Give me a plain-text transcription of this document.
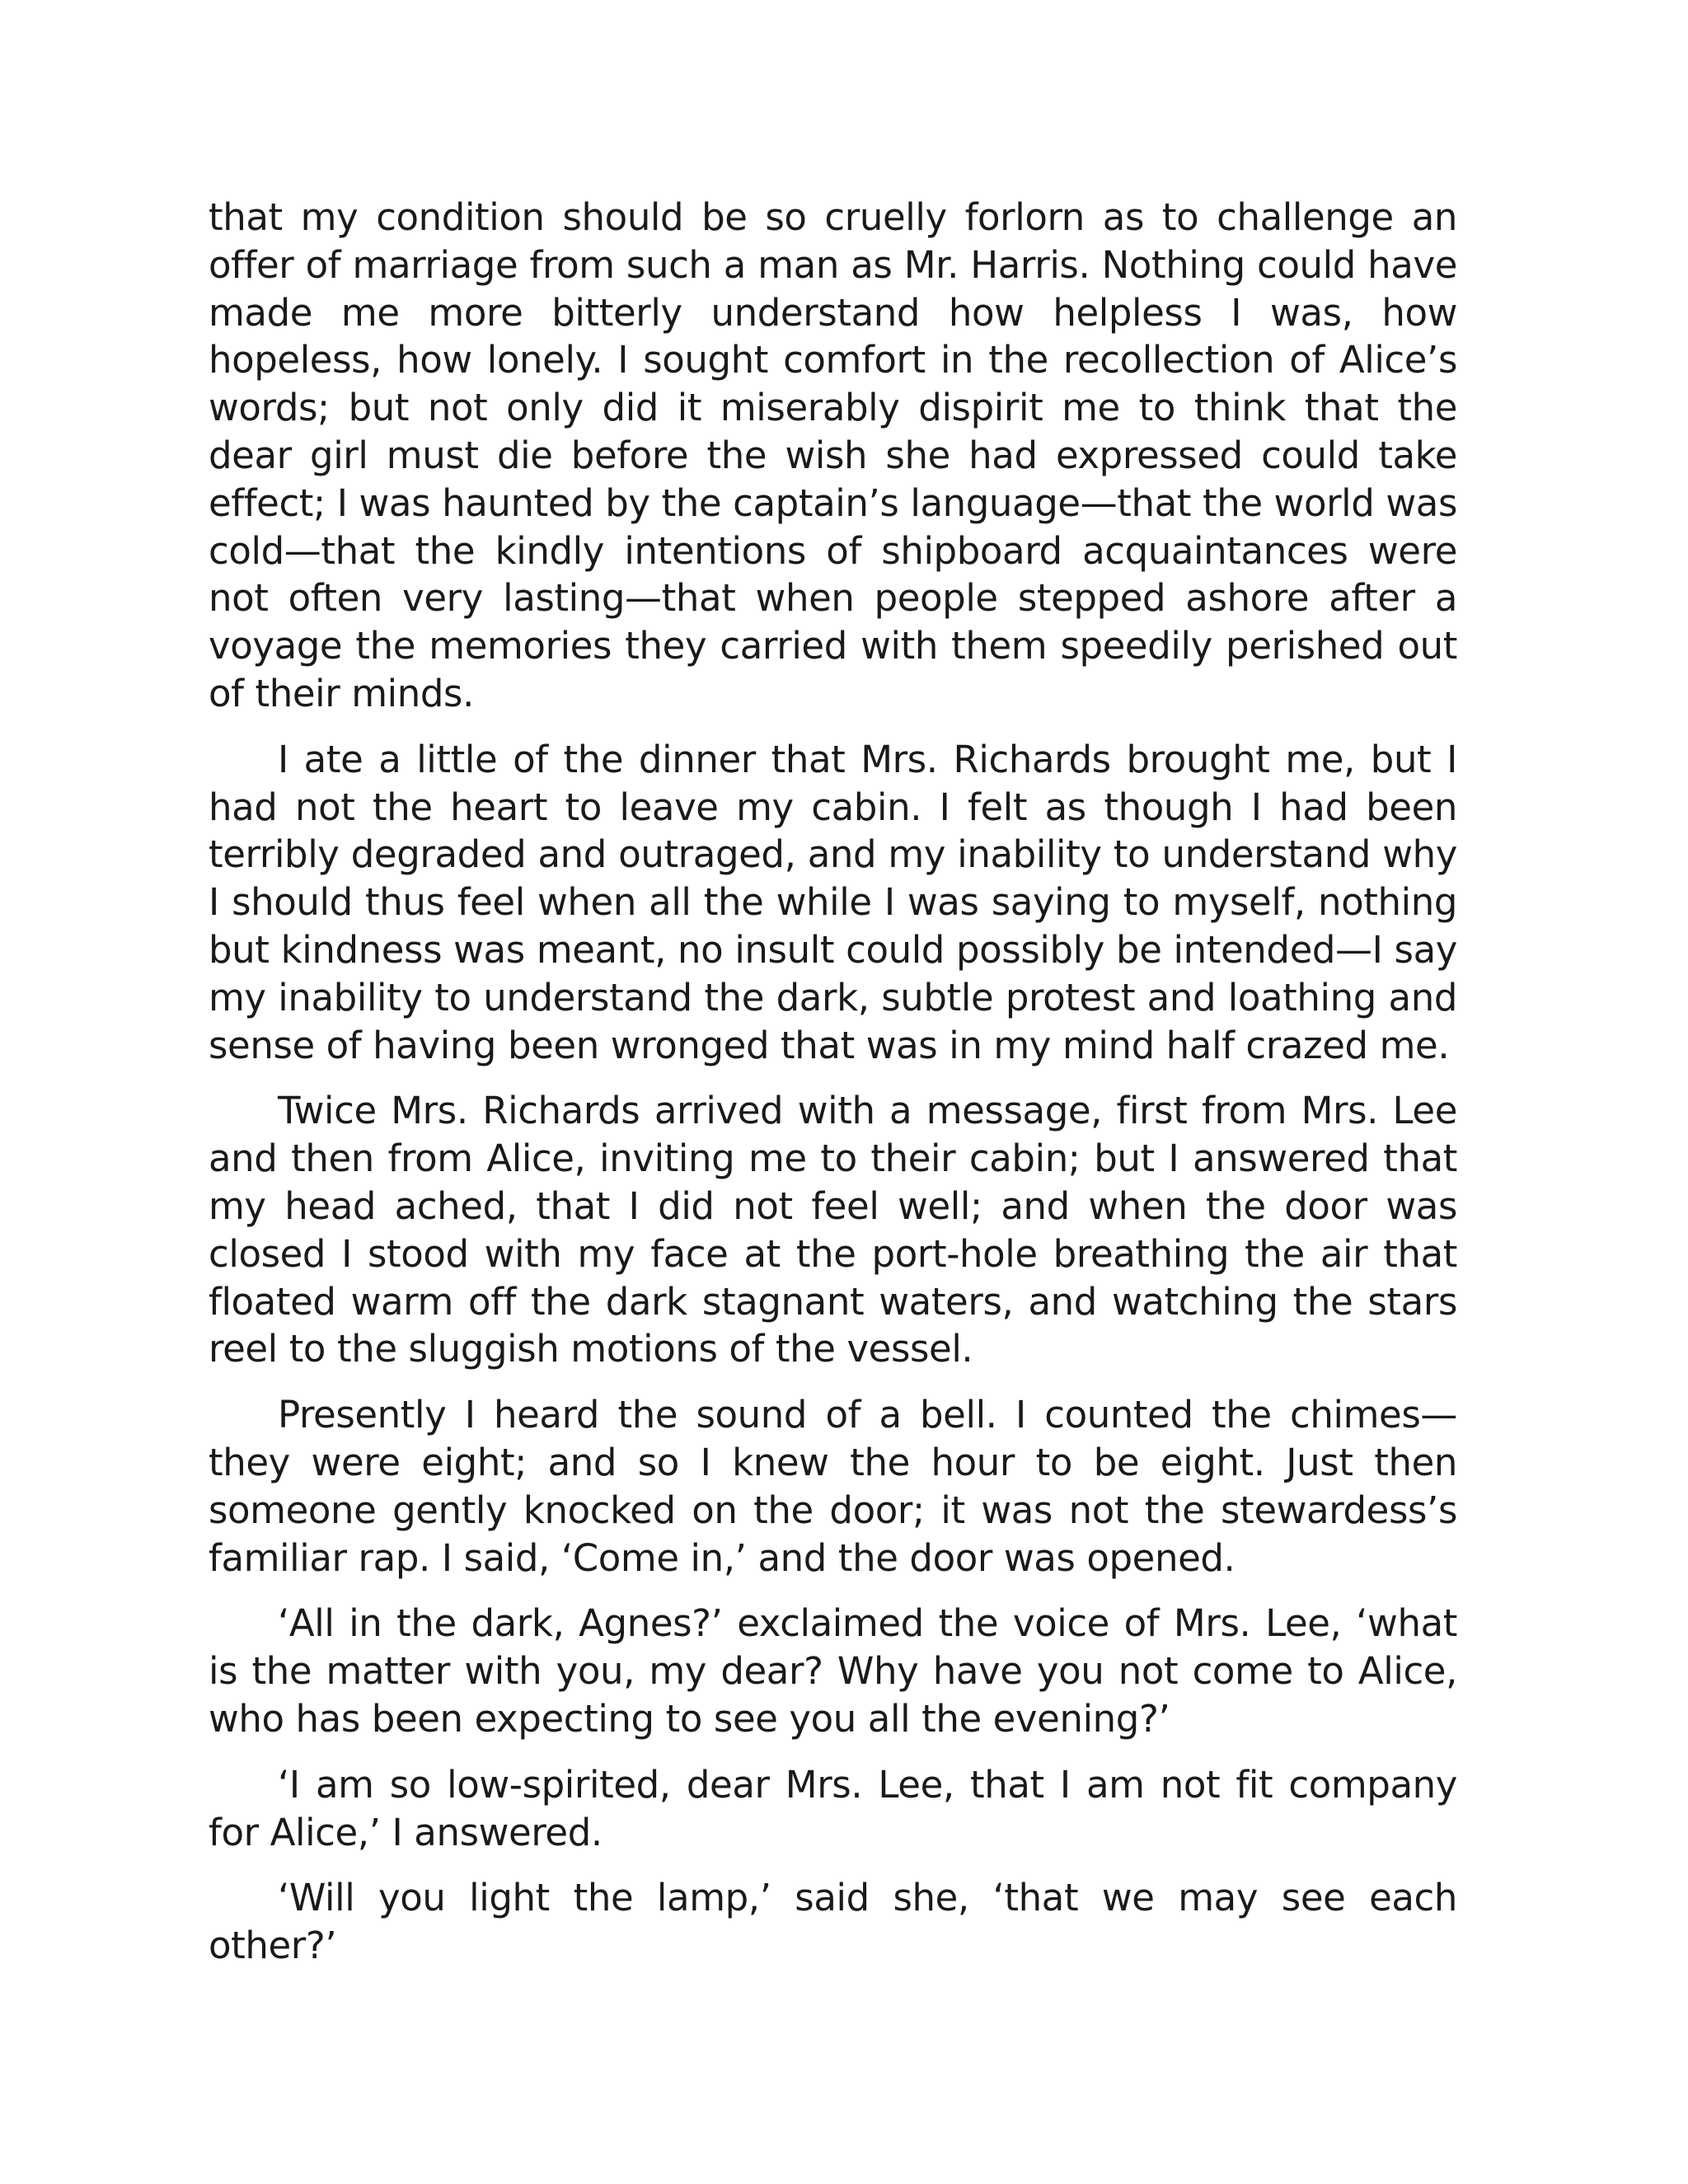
that my condition should be so cruelly forlorn as to challenge an offer of marriage from such a man as Mr. Harris. Nothing could have made me more bitterly understand how helpless I was, how hopeless, how lonely. I sought comfort in the recollection of Alice’s words; but not only did it miserably dispirit me to think that the dear girl must die before the wish she had expressed could take effect; I was haunted by the captain’s language—that the world was cold—that the kindly intentions of shipboard acquaintances were not often very lasting—that when people stepped ashore after a voyage the memories they carried with them speedily perished out of their minds.

I ate a little of the dinner that Mrs. Richards brought me, but I had not the heart to leave my cabin. I felt as though I had been terribly degraded and outraged, and my inability to understand why I should thus feel when all the while I was saying to myself, nothing but kindness was meant, no insult could possibly be intended—I say my inability to understand the dark, subtle protest and loathing and sense of having been wronged that was in my mind half crazed me.

Twice Mrs. Richards arrived with a message, first from Mrs. Lee and then from Alice, inviting me to their cabin; but I answered that my head ached, that I did not feel well; and when the door was closed I stood with my face at the port-hole breathing the air that floated warm off the dark stagnant waters, and watching the stars reel to the sluggish motions of the vessel.

Presently I heard the sound of a bell. I counted the chimes—they were eight; and so I knew the hour to be eight. Just then someone gently knocked on the door; it was not the stewardess’s familiar rap. I said, ‘Come in,’ and the door was opened.

‘All in the dark, Agnes?’ exclaimed the voice of Mrs. Lee, ‘what is the matter with you, my dear? Why have you not come to Alice, who has been expecting to see you all the evening?’

‘I am so low-spirited, dear Mrs. Lee, that I am not fit company for Alice,’ I answered.

‘Will you light the lamp,’ said she, ‘that we may see each other?’
